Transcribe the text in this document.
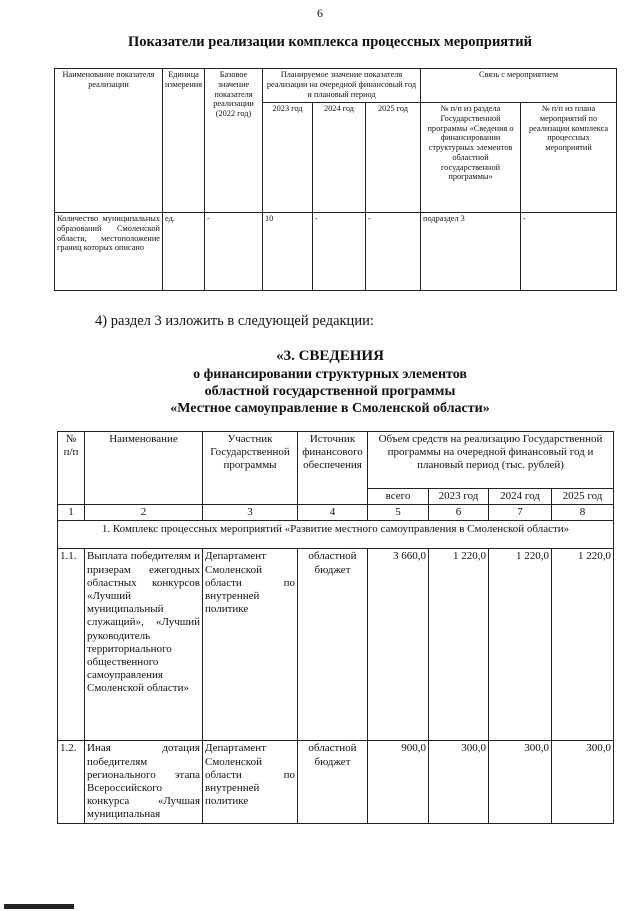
6
Показатели реализации комплекса процессных мероприятий
Наименование показателя реализации	Единица измерения	Базовое значение показателя реализации (2022 год)	Планируемое значение показателя реализации на очередной финансовый год и плановый период			Связь с мероприятием	
			2023 год	2024 год	2025 год	№ п/п из раздела Государственной программы «Сведения о финансировании структурных элементов областной государственной программы»	№ п/п из плана мероприятий по реализации комплекса процессных мероприятий
Количество муниципальных образований Смоленской области, местоположение границ которых описано	ед.	-	10	-	-	подраздел 3	-
4) раздел 3 изложить в следующей редакции:
«3. СВЕДЕНИЯ
о финансировании структурных элементов
областной государственной программы
«Местное самоуправление в Смоленской области»
№ п/п	Наименование	Участник Государственной программы	Источник финансового обеспечения	Объем средств на реализацию Государственной программы на очередной финансовый год и плановый период (тыс. рублей)			
				всего	2023 год	2024 год	2025 год
1	2	3	4	5	6	7	8
1. Комплекс процессных мероприятий «Развитие местного самоуправления в Смоленской области»							
1.1.	Выплата победителям и призерам ежегодных областных конкурсов «Лучший муниципальный служащий», «Лучший руководитель территориального общественного самоуправления Смоленской области»	Департамент Смоленской области по внутренней политике	областной бюджет	3 660,0	1 220,0	1 220,0	1 220,0
1.2.	Иная дотация победителям регионального этапа Всероссийского конкурса «Лучшая муниципальная	Департамент Смоленской области по внутренней политике	областной бюджет	900,0	300,0	300,0	300,0
